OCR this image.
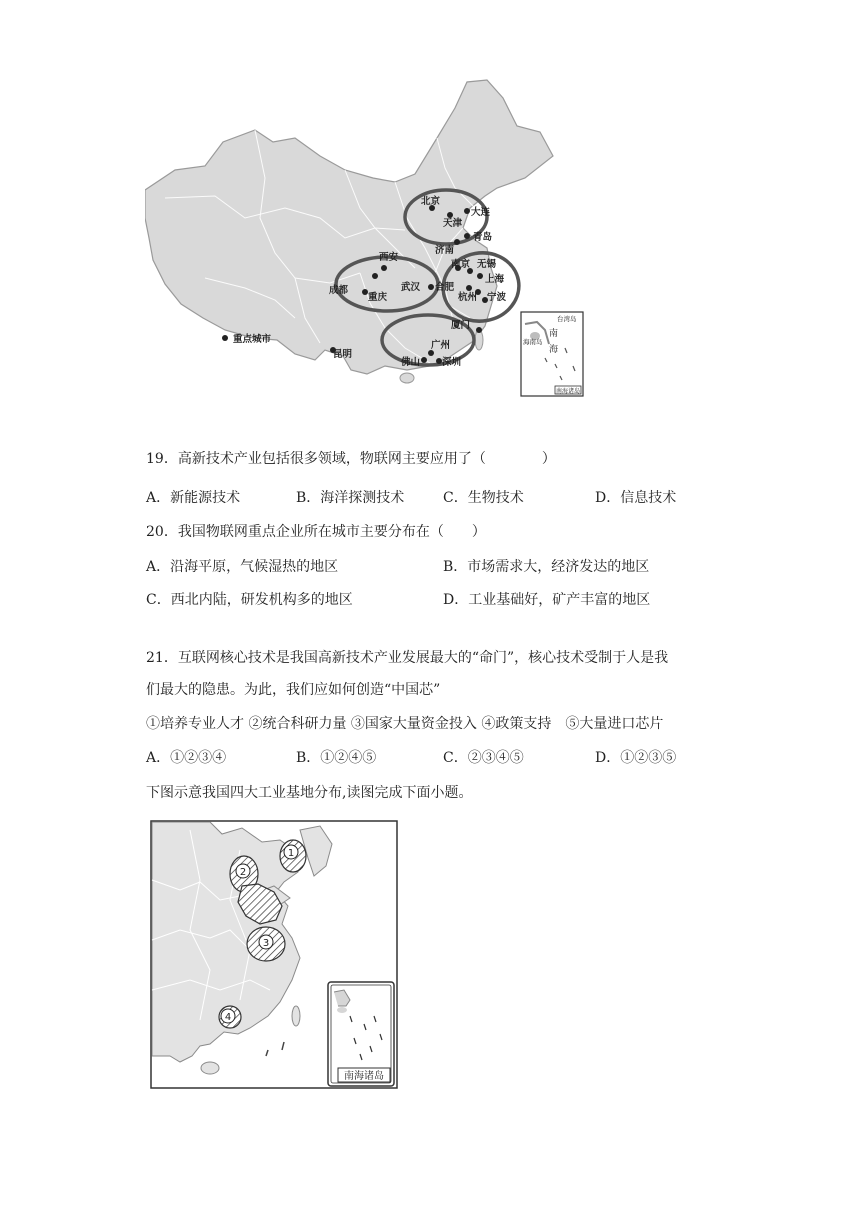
北京
天津
大连
青岛
济南
西安
成都
重庆
武汉 合肥
南京 无锡
上海
杭州 宁波
厦门
广州
佛山 深圳
昆明
重点城市
台湾岛
海南岛
南
海
南海诸岛
19．高新技术产业包括很多领域，物联网主要应用了（　　　　）
A．新能源技术	B．海洋探测技术	C．生物技术	D．信息技术
20．我国物联网重点企业所在城市主要分布在（　　）
A．沿海平原，气候湿热的地区	B．市场需求大，经济发达的地区
C．西北内陆，研发机构多的地区	D．工业基础好，矿产丰富的地区
21．互联网核心技术是我国高新技术产业发展最大的“命门”，核心技术受制于人是我
们最大的隐患。为此，我们应如何创造“中国芯”
①培养专业人才 ②统合科研力量 ③国家大量资金投入 ④政策支持　⑤大量进口芯片
A．①②③④	B．①②④⑤	C．②③④⑤	D．①②③⑤
下图示意我国四大工业基地分布,读图完成下面小题。
1
2
3
4
南海诸岛
